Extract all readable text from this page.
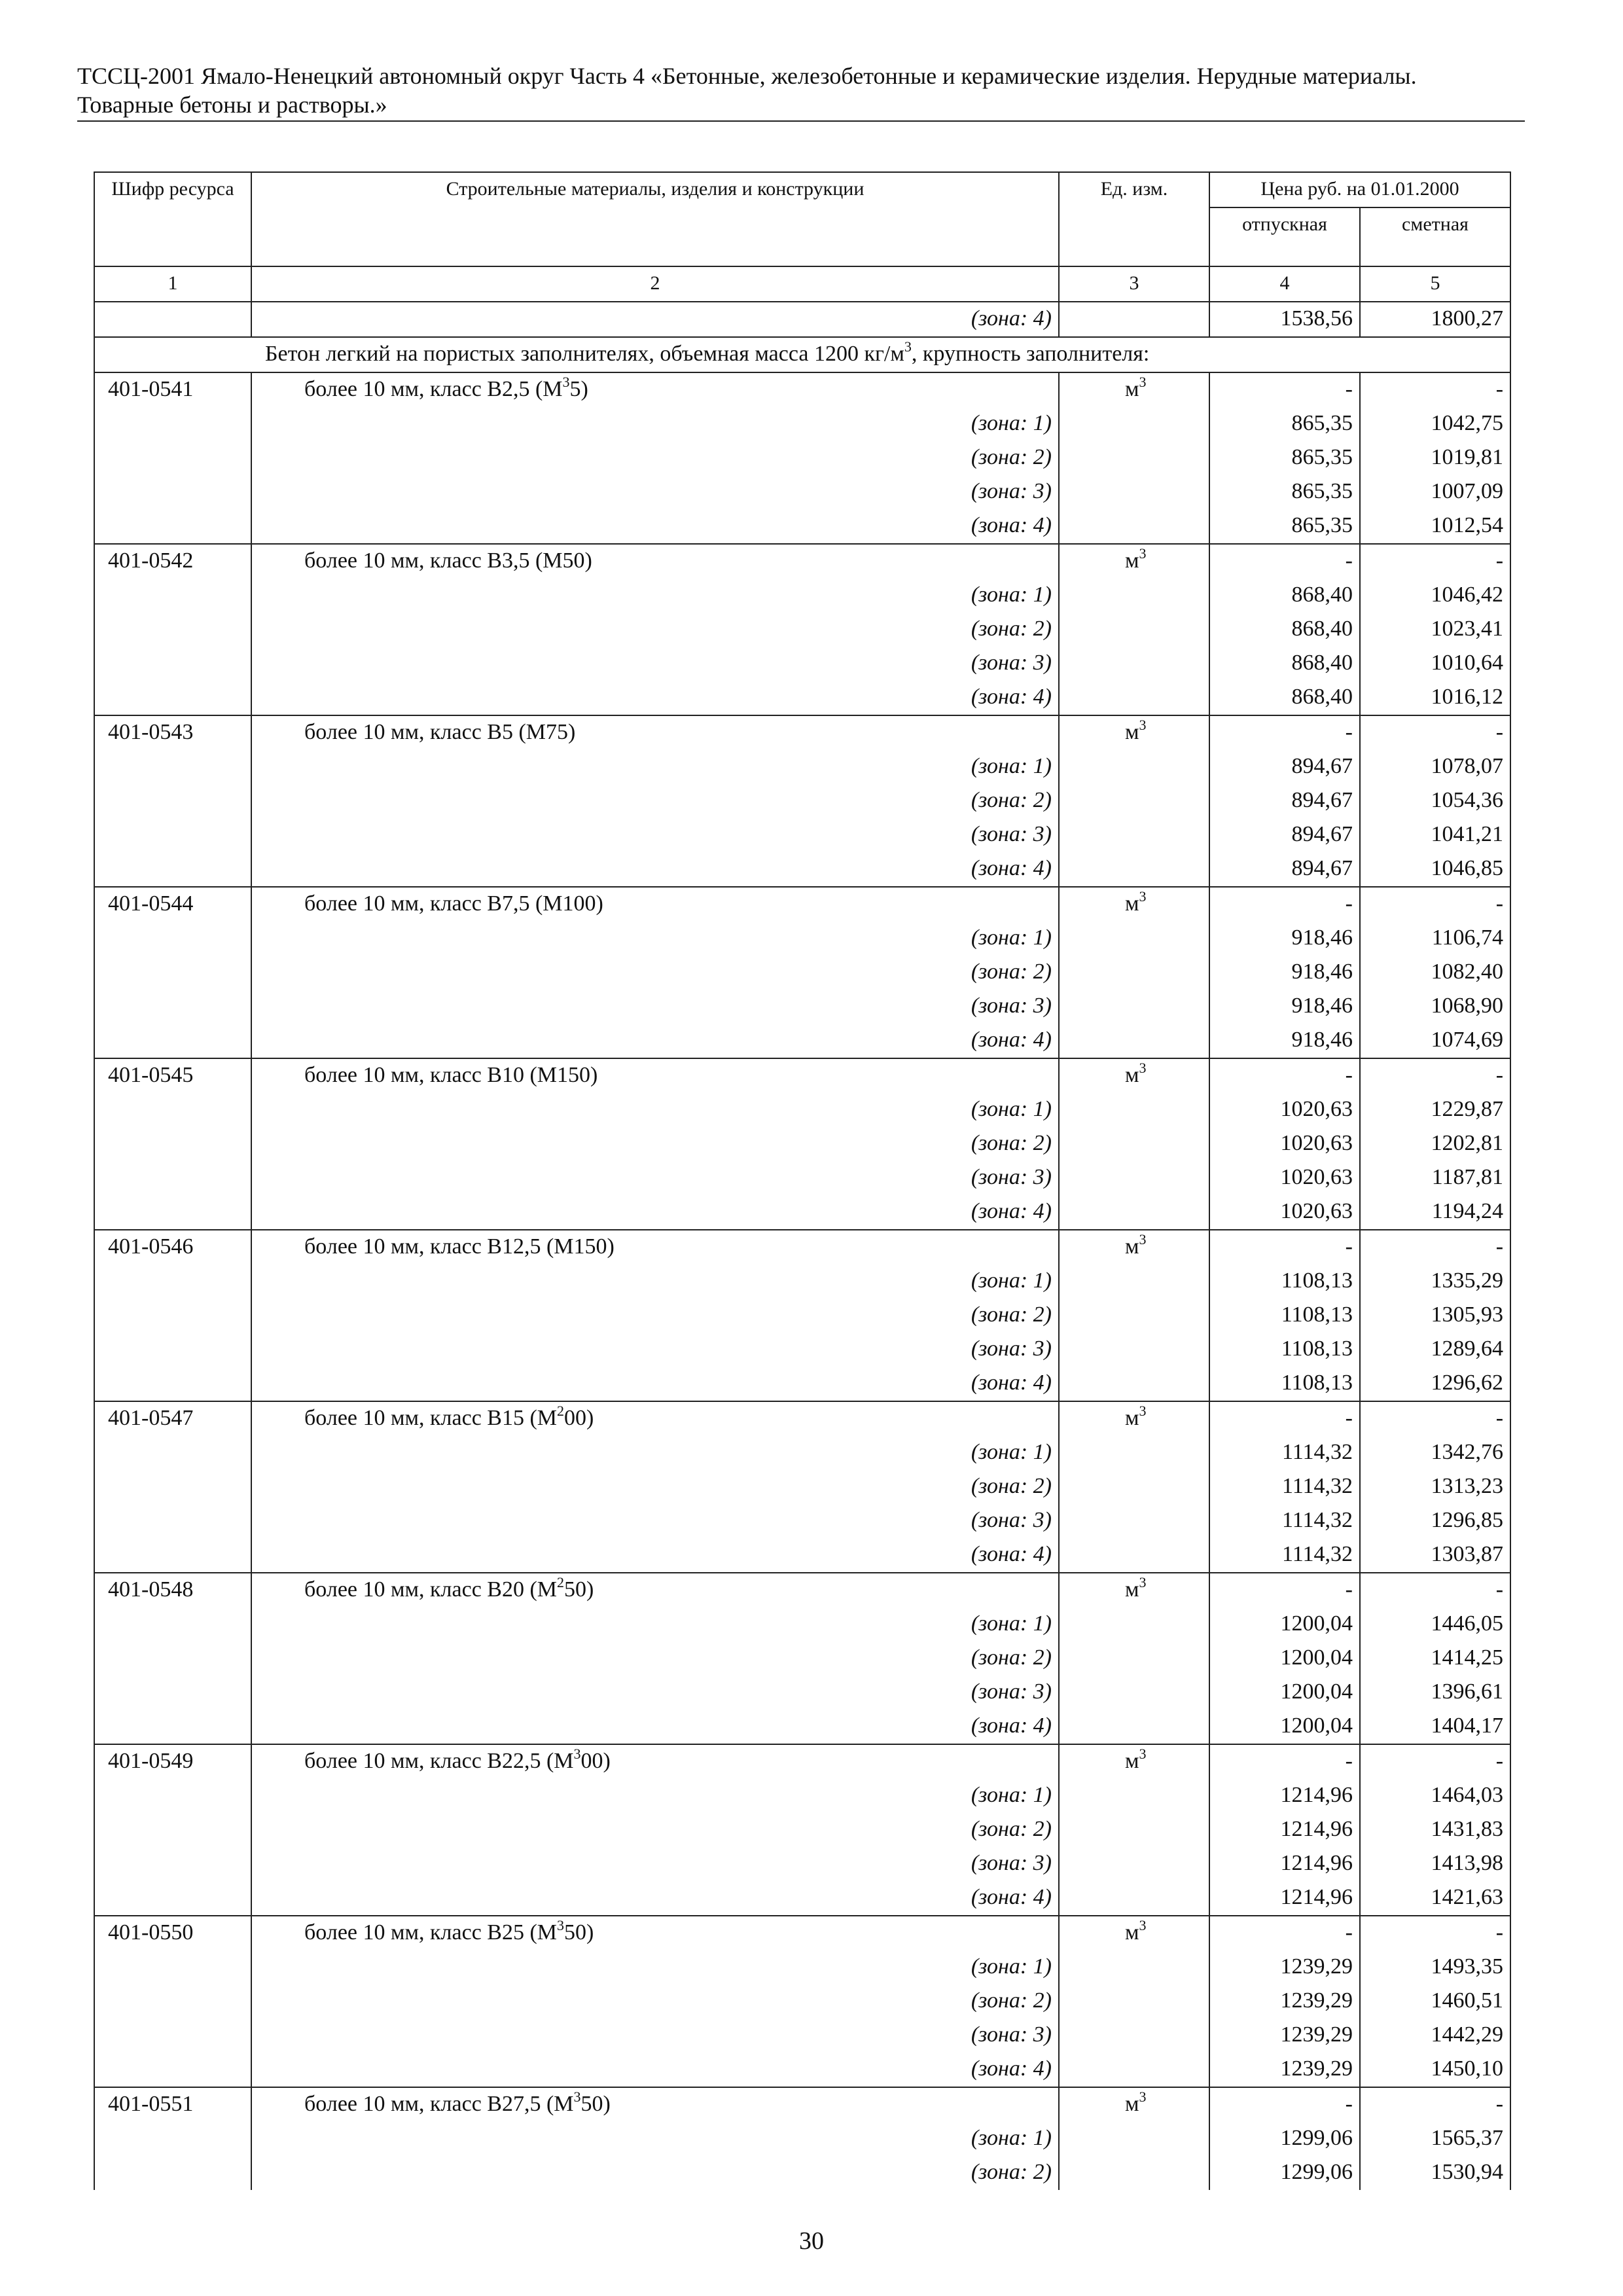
ТССЦ-2001 Ямало-Ненецкий автономный округ Часть 4 «Бетонные, железобетонные и керамические изделия. Нерудные материалы.
Товарные бетоны и растворы.»
Шифр ресурса	Строительные материалы, изделия и конструкции	Ед. изм.	Цена руб. на 01.01.2000	
			отпускная	сметная
1	2	3	4	5
	(зона: 4)		1538,56	1800,27
Бетон легкий на пористых заполнителях, объемная масса 1200 $кг/м^3$, крупность заполнителя:				
401-0541	более 10 мм, класс В2,5 $(М^35)$	$м^3$	-	-
	(зона: 1)		865,35	1042,75
	(зона: 2)		865,35	1019,81
	(зона: 3)		865,35	1007,09
	(зона: 4)		865,35	1012,54
401-0542	более 10 мм, класс В3,5 (М50)	$м^3$	-	-
	(зона: 1)		868,40	1046,42
	(зона: 2)		868,40	1023,41
	(зона: 3)		868,40	1010,64
	(зона: 4)		868,40	1016,12
401-0543	более 10 мм, класс В5 (М75)	$м^3$	-	-
	(зона: 1)		894,67	1078,07
	(зона: 2)		894,67	1054,36
	(зона: 3)		894,67	1041,21
	(зона: 4)		894,67	1046,85
401-0544	более 10 мм, класс В7,5 (М100)	$м^3$	-	-
	(зона: 1)		918,46	1106,74
	(зона: 2)		918,46	1082,40
	(зона: 3)		918,46	1068,90
	(зона: 4)		918,46	1074,69
401-0545	более 10 мм, класс В10 (М150)	$м^3$	-	-
	(зона: 1)		1020,63	1229,87
	(зона: 2)		1020,63	1202,81
	(зона: 3)		1020,63	1187,81
	(зона: 4)		1020,63	1194,24
401-0546	более 10 мм, класс В12,5 (М150)	$м^3$	-	-
	(зона: 1)		1108,13	1335,29
	(зона: 2)		1108,13	1305,93
	(зона: 3)		1108,13	1289,64
	(зона: 4)		1108,13	1296,62
401-0547	более 10 мм, класс В15 $(М^200)$	$м^3$	-	-
	(зона: 1)		1114,32	1342,76
	(зона: 2)		1114,32	1313,23
	(зона: 3)		1114,32	1296,85
	(зона: 4)		1114,32	1303,87
401-0548	более 10 мм, класс В20 $(М^250)$	$м^3$	-	-
	(зона: 1)		1200,04	1446,05
	(зона: 2)		1200,04	1414,25
	(зона: 3)		1200,04	1396,61
	(зона: 4)		1200,04	1404,17
401-0549	более 10 мм, класс В22,5 $(М^300)$	$м^3$	-	-
	(зона: 1)		1214,96	1464,03
	(зона: 2)		1214,96	1431,83
	(зона: 3)		1214,96	1413,98
	(зона: 4)		1214,96	1421,63
401-0550	более 10 мм, класс В25 $(М^350)$	$м^3$	-	-
	(зона: 1)		1239,29	1493,35
	(зона: 2)		1239,29	1460,51
	(зона: 3)		1239,29	1442,29
	(зона: 4)		1239,29	1450,10
401-0551	более 10 мм, класс В27,5 $(М^350)$	$м^3$	-	-
	(зона: 1)		1299,06	1565,37
	(зона: 2)		1299,06	1530,94
30
